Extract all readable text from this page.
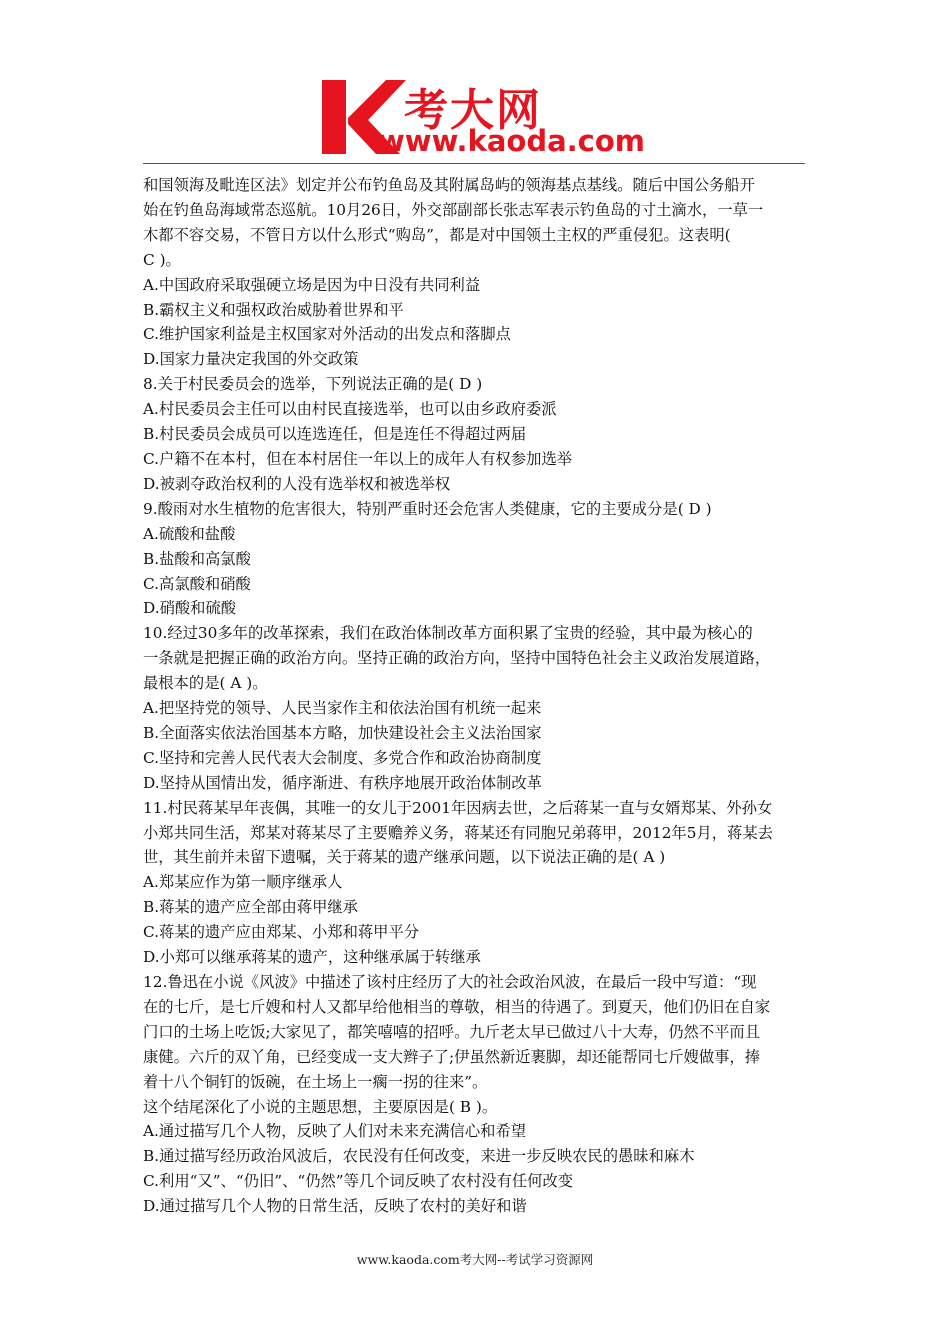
考大网
www.kaoda.com

和国领海及毗连区法》划定并公布钓鱼岛及其附属岛屿的领海基点基线。随后中国公务船开

始在钓鱼岛海域常态巡航。10月26日，外交部副部长张志军表示钓鱼岛的寸土滴水，一草一

木都不容交易，不管日方以什么形式“购岛”，都是对中国领土主权的严重侵犯。这表明(

C )。

A.中国政府采取强硬立场是因为中日没有共同利益

B.霸权主义和强权政治威胁着世界和平

C.维护国家利益是主权国家对外活动的出发点和落脚点

D.国家力量决定我国的外交政策

8.关于村民委员会的选举，下列说法正确的是( D )

A.村民委员会主任可以由村民直接选举，也可以由乡政府委派

B.村民委员会成员可以连选连任，但是连任不得超过两届

C.户籍不在本村，但在本村居住一年以上的成年人有权参加选举

D.被剥夺政治权利的人没有选举权和被选举权

9.酸雨对水生植物的危害很大，特别严重时还会危害人类健康，它的主要成分是( D )

A.硫酸和盐酸

B.盐酸和高氯酸

C.高氯酸和硝酸

D.硝酸和硫酸

10.经过30多年的改革探索，我们在政治体制改革方面积累了宝贵的经验，其中最为核心的

一条就是把握正确的政治方向。坚持正确的政治方向，坚持中国特色社会主义政治发展道路，

最根本的是( A )。

A.把坚持党的领导、人民当家作主和依法治国有机统一起来

B.全面落实依法治国基本方略，加快建设社会主义法治国家

C.坚持和完善人民代表大会制度、多党合作和政治协商制度

D.坚持从国情出发，循序渐进、有秩序地展开政治体制改革

11.村民蒋某早年丧偶，其唯一的女儿于2001年因病去世，之后蒋某一直与女婿郑某、外孙女

小郑共同生活，郑某对蒋某尽了主要赡养义务，蒋某还有同胞兄弟蒋甲，2012年5月，蒋某去

世，其生前并未留下遗嘱，关于蒋某的遗产继承问题，以下说法正确的是( A )

A.郑某应作为第一顺序继承人

B.蒋某的遗产应全部由蒋甲继承

C.蒋某的遗产应由郑某、小郑和蒋甲平分

D.小郑可以继承蒋某的遗产，这种继承属于转继承

12.鲁迅在小说《风波》中描述了该村庄经历了大的社会政治风波，在最后一段中写道：“现

在的七斤，是七斤嫂和村人又都早给他相当的尊敬，相当的待遇了。到夏天，他们仍旧在自家

门口的土场上吃饭;大家见了，都笑嘻嘻的招呼。九斤老太早已做过八十大寿，仍然不平而且

康健。六斤的双丫角，已经变成一支大辫子了;伊虽然新近裹脚，却还能帮同七斤嫂做事，捧

着十八个铜钉的饭碗，在土场上一瘸一拐的往来”。

这个结尾深化了小说的主题思想，主要原因是( B )。

A.通过描写几个人物，反映了人们对未来充满信心和希望

B.通过描写经历政治风波后，农民没有任何改变，来进一步反映农民的愚昧和麻木

C.利用“又”、“仍旧”、“仍然”等几个词反映了农村没有任何改变

D.通过描写几个人物的日常生活，反映了农村的美好和谐

www.kaoda.com考大网--考试学习资源网
